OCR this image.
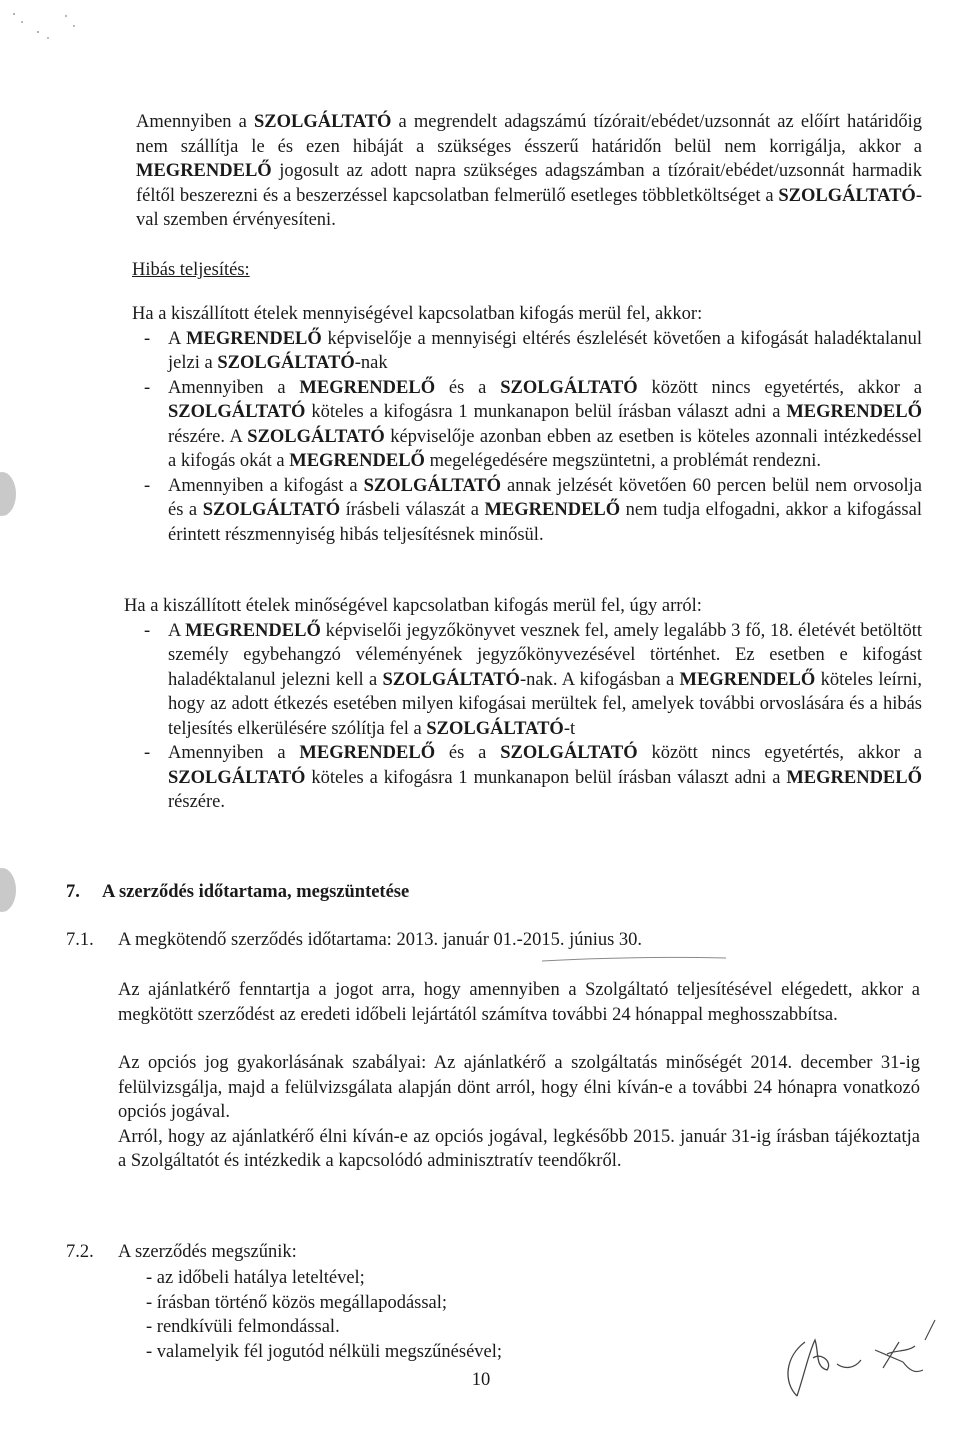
Amennyiben a SZOLGÁLTATÓ a megrendelt adagszámú tízórait/ebédet/uzsonnát az előírt határidőig nem szállítja le és ezen hibáját a szükséges ésszerű határidőn belül nem korrigálja, akkor a MEGRENDELŐ jogosult az adott napra szükséges adagszámban a tízórait/ebédet/uzsonnát harmadik féltől beszerezni és a beszerzéssel kapcsolatban felmerülő esetleges többletköltséget a SZOLGÁLTATÓ-val szemben érvényesíteni.

Hibás teljesítés:

Ha a kiszállított ételek mennyiségével kapcsolatban kifogás merül fel, akkor:

- A MEGRENDELŐ képviselője a mennyiségi eltérés észlelését követően a kifogását haladéktalanul jelzi a SZOLGÁLTATÓ-nak
- Amennyiben a MEGRENDELŐ és a SZOLGÁLTATÓ között nincs egyetértés, akkor a SZOLGÁLTATÓ köteles a kifogásra 1 munkanapon belül írásban választ adni a MEGRENDELŐ részére. A SZOLGÁLTATÓ képviselője azonban ebben az esetben is köteles azonnali intézkedéssel a kifogás okát a MEGRENDELŐ megelégedésére megszüntetni, a problémát rendezni.
- Amennyiben a kifogást a SZOLGÁLTATÓ annak jelzését követően 60 percen belül nem orvosolja és a SZOLGÁLTATÓ írásbeli válaszát a MEGRENDELŐ nem tudja elfogadni, akkor a kifogással érintett részmennyiség hibás teljesítésnek minősül.

Ha a kiszállított ételek minőségével kapcsolatban kifogás merül fel, úgy arról:

- A MEGRENDELŐ képviselői jegyzőkönyvet vesznek fel, amely legalább 3 fő, 18. életévét betöltött személy egybehangzó véleményének jegyzőkönyvezésével történhet. Ez esetben e kifogást haladéktalanul jelezni kell a SZOLGÁLTATÓ-nak. A kifogásban a MEGRENDELŐ köteles leírni, hogy az adott étkezés esetében milyen kifogásai merültek fel, amelyek további orvoslására és a hibás teljesítés elkerülésére szólítja fel a SZOLGÁLTATÓ-t
- Amennyiben a MEGRENDELŐ és a SZOLGÁLTATÓ között nincs egyetértés, akkor a SZOLGÁLTATÓ köteles a kifogásra 1 munkanapon belül írásban választ adni a MEGRENDELŐ részére.
7. A szerződés időtartama, megszüntetése
7.1.	A megkötendő szerződés időtartama: 2013. január 01.-2015. június 30.

Az ajánlatkérő fenntartja a jogot arra, hogy amennyiben a Szolgáltató teljesítésével elégedett, akkor a megkötött szerződést az eredeti időbeli lejártától számítva további 24 hónappal meghosszabbítsa.

Az opciós jog gyakorlásának szabályai: Az ajánlatkérő a szolgáltatás minőségét 2014. december 31-ig felülvizsgálja, majd a felülvizsgálata alapján dönt arról, hogy élni kíván-e a további 24 hónapra vonatkozó opciós jogával.

Arról, hogy az ajánlatkérő élni kíván-e az opciós jogával, legkésőbb 2015. január 31-ig írásban tájékoztatja a Szolgáltatót és intézkedik a kapcsolódó adminisztratív teendőkről.

7.2.	A szerződés megszűnik:
- az időbeli hatálya leteltével;
- írásban történő közös megállapodással;
- rendkívüli felmondással.
- valamelyik fél jogutód nélküli megszűnésével;
10
